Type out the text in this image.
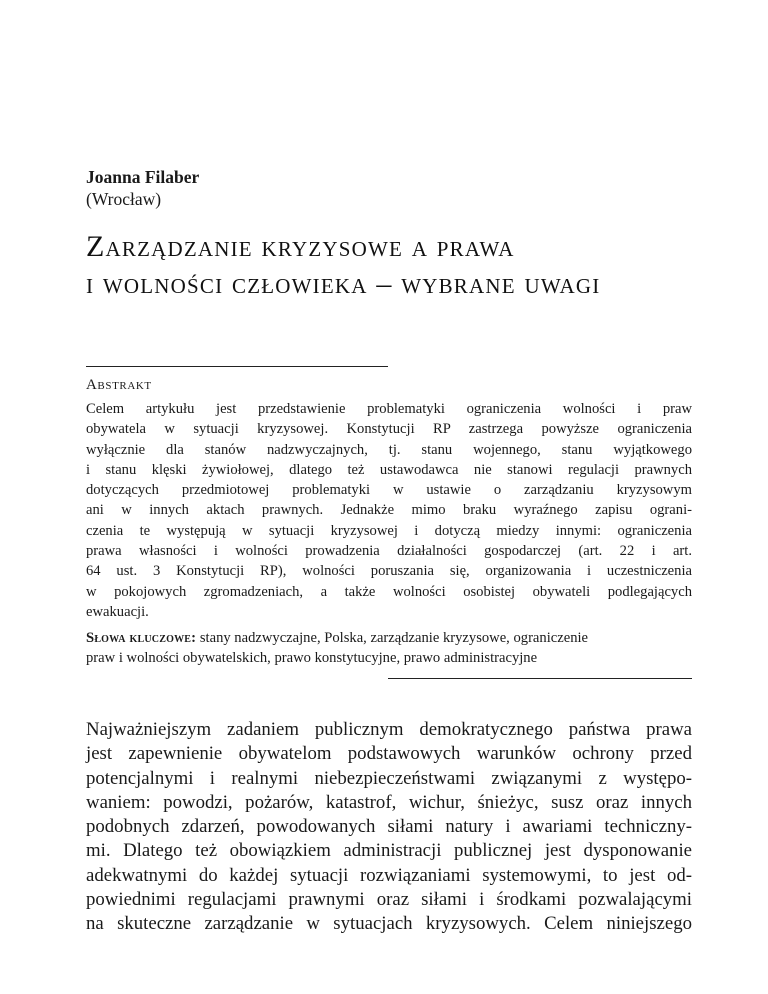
Joanna Filaber
(Wrocław)
Zarządzanie kryzysowe a prawa
i wolności człowieka – wybrane uwagi
Abstrakt
Celem artykułu jest przedstawienie problematyki ograniczenia wolności i praw
obywatela w sytuacji kryzysowej. Konstytucji RP zastrzega powyższe ograniczenia
wyłącznie dla stanów nadzwyczajnych, tj. stanu wojennego, stanu wyjątkowego
i stanu klęski żywiołowej, dlatego też ustawodawca nie stanowi regulacji prawnych
dotyczących przedmiotowej problematyki w ustawie o zarządzaniu kryzysowym
ani w innych aktach prawnych. Jednakże mimo braku wyraźnego zapisu ograni-
czenia te występują w sytuacji kryzysowej i dotyczą miedzy innymi: ograniczenia
prawa własności i wolności prowadzenia działalności gospodarczej (art. 22 i art.
64 ust. 3 Konstytucji RP), wolności poruszania się, organizowania i uczestniczenia
w pokojowych zgromadzeniach, a także wolności osobistej obywateli podlegających
ewakuacji.
Słowa kluczowe: stany nadzwyczajne, Polska, zarządzanie kryzysowe, ograniczenie
praw i wolności obywatelskich, prawo konstytucyjne, prawo administracyjne
Najważniejszym zadaniem publicznym demokratycznego państwa prawa
jest zapewnienie obywatelom podstawowych warunków ochrony przed
potencjalnymi i realnymi niebezpieczeństwami związanymi z występo-
waniem: powodzi, pożarów, katastrof, wichur, śnieżyc, susz oraz innych
podobnych zdarzeń, powodowanych siłami natury i awariami techniczny-
mi. Dlatego też obowiązkiem administracji publicznej jest dysponowanie
adekwatnymi do każdej sytuacji rozwiązaniami systemowymi, to jest od-
powiednimi regulacjami prawnymi oraz siłami i środkami pozwalającymi
na skuteczne zarządzanie w sytuacjach kryzysowych. Celem niniejszego
